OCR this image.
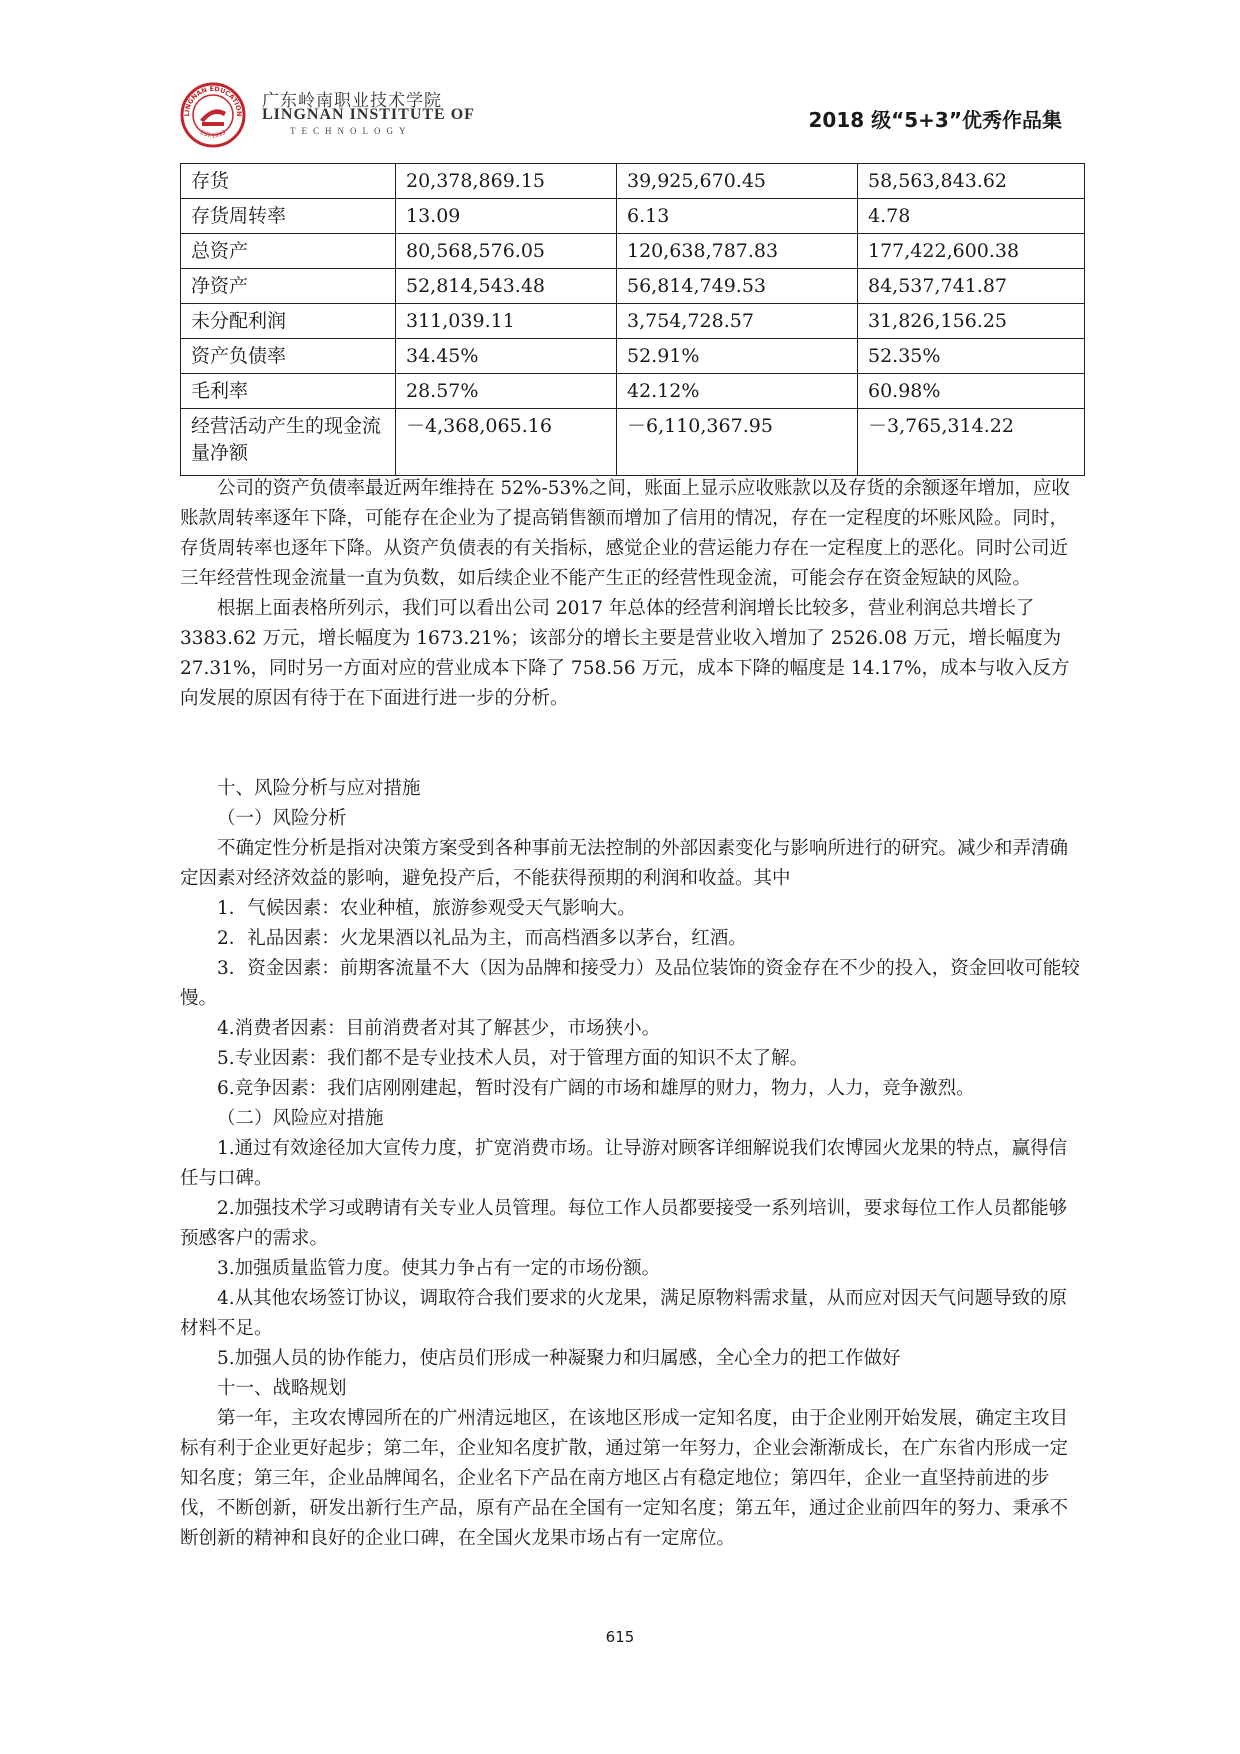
LINGNAN EDUCATION
EST.1993
广东岭南职业技术学院
LINGNAN INSTITUTE OF
TECHNOLOGY	2018 级“5+3”优秀作品集
存货	20,378,869.15	39,925,670.45	58,563,843.62
存货周转率	13.09	6.13	4.78
总资产	80,568,576.05	120,638,787.83	177,422,600.38
净资产	52,814,543.48	56,814,749.53	84,537,741.87
未分配利润	311,039.11	3,754,728.57	31,826,156.25
资产负债率	34.45%	52.91%	52.35%
毛利率	28.57%	42.12%	60.98%
经营活动产生的现金流量净额	－4,368,065.16	－6,110,367.95	－3,765,314.22

公司的资产负债率最近两年维持在 52%-53%之间，账面上显示应收账款以及存货的余额逐年增加，应收账款周转率逐年下降，可能存在企业为了提高销售额而增加了信用的情况，存在一定程度的坏账风险。同时，存货周转率也逐年下降。从资产负债表的有关指标，感觉企业的营运能力存在一定程度上的恶化。同时公司近三年经营性现金流量一直为负数，如后续企业不能产生正的经营性现金流，可能会存在资金短缺的风险。

根据上面表格所列示，我们可以看出公司 2017 年总体的经营利润增长比较多，营业利润总共增长了 3383.62 万元，增长幅度为 1673.21%；该部分的增长主要是营业收入增加了 2526.08 万元，增长幅度为 27.31%，同时另一方面对应的营业成本下降了 758.56 万元，成本下降的幅度是 14.17%，成本与收入反方向发展的原因有待于在下面进行进一步的分析。

十、风险分析与应对措施

（一）风险分析

不确定性分析是指对决策方案受到各种事前无法控制的外部因素变化与影响所进行的研究。减少和弄清确定因素对经济效益的影响，避免投产后，不能获得预期的利润和收益。其中

1．气候因素：农业种植，旅游参观受天气影响大。

2．礼品因素：火龙果酒以礼品为主，而高档酒多以茅台，红酒。

3．资金因素：前期客流量不大（因为品牌和接受力）及品位装饰的资金存在不少的投入，资金回收可能较慢。

4.消费者因素：目前消费者对其了解甚少，市场狭小。

5.专业因素：我们都不是专业技术人员，对于管理方面的知识不太了解。

6.竞争因素：我们店刚刚建起，暂时没有广阔的市场和雄厚的财力，物力，人力，竞争激烈。

（二）风险应对措施

1.通过有效途径加大宣传力度，扩宽消费市场。让导游对顾客详细解说我们农博园火龙果的特点，赢得信任与口碑。

2.加强技术学习或聘请有关专业人员管理。每位工作人员都要接受一系列培训，要求每位工作人员都能够预感客户的需求。

3.加强质量监管力度。使其力争占有一定的市场份额。

4.从其他农场签订协议，调取符合我们要求的火龙果，满足原物料需求量，从而应对因天气问题导致的原材料不足。

5.加强人员的协作能力，使店员们形成一种凝聚力和归属感，全心全力的把工作做好

十一、战略规划

第一年，主攻农博园所在的广州清远地区，在该地区形成一定知名度，由于企业刚开始发展，确定主攻目标有利于企业更好起步；第二年，企业知名度扩散，通过第一年努力，企业会渐渐成长，在广东省内形成一定知名度；第三年，企业品牌闻名，企业名下产品在南方地区占有稳定地位；第四年，企业一直坚持前进的步伐，不断创新，研发出新行生产品，原有产品在全国有一定知名度；第五年，通过企业前四年的努力、秉承不断创新的精神和良好的企业口碑，在全国火龙果市场占有一定席位。

615
